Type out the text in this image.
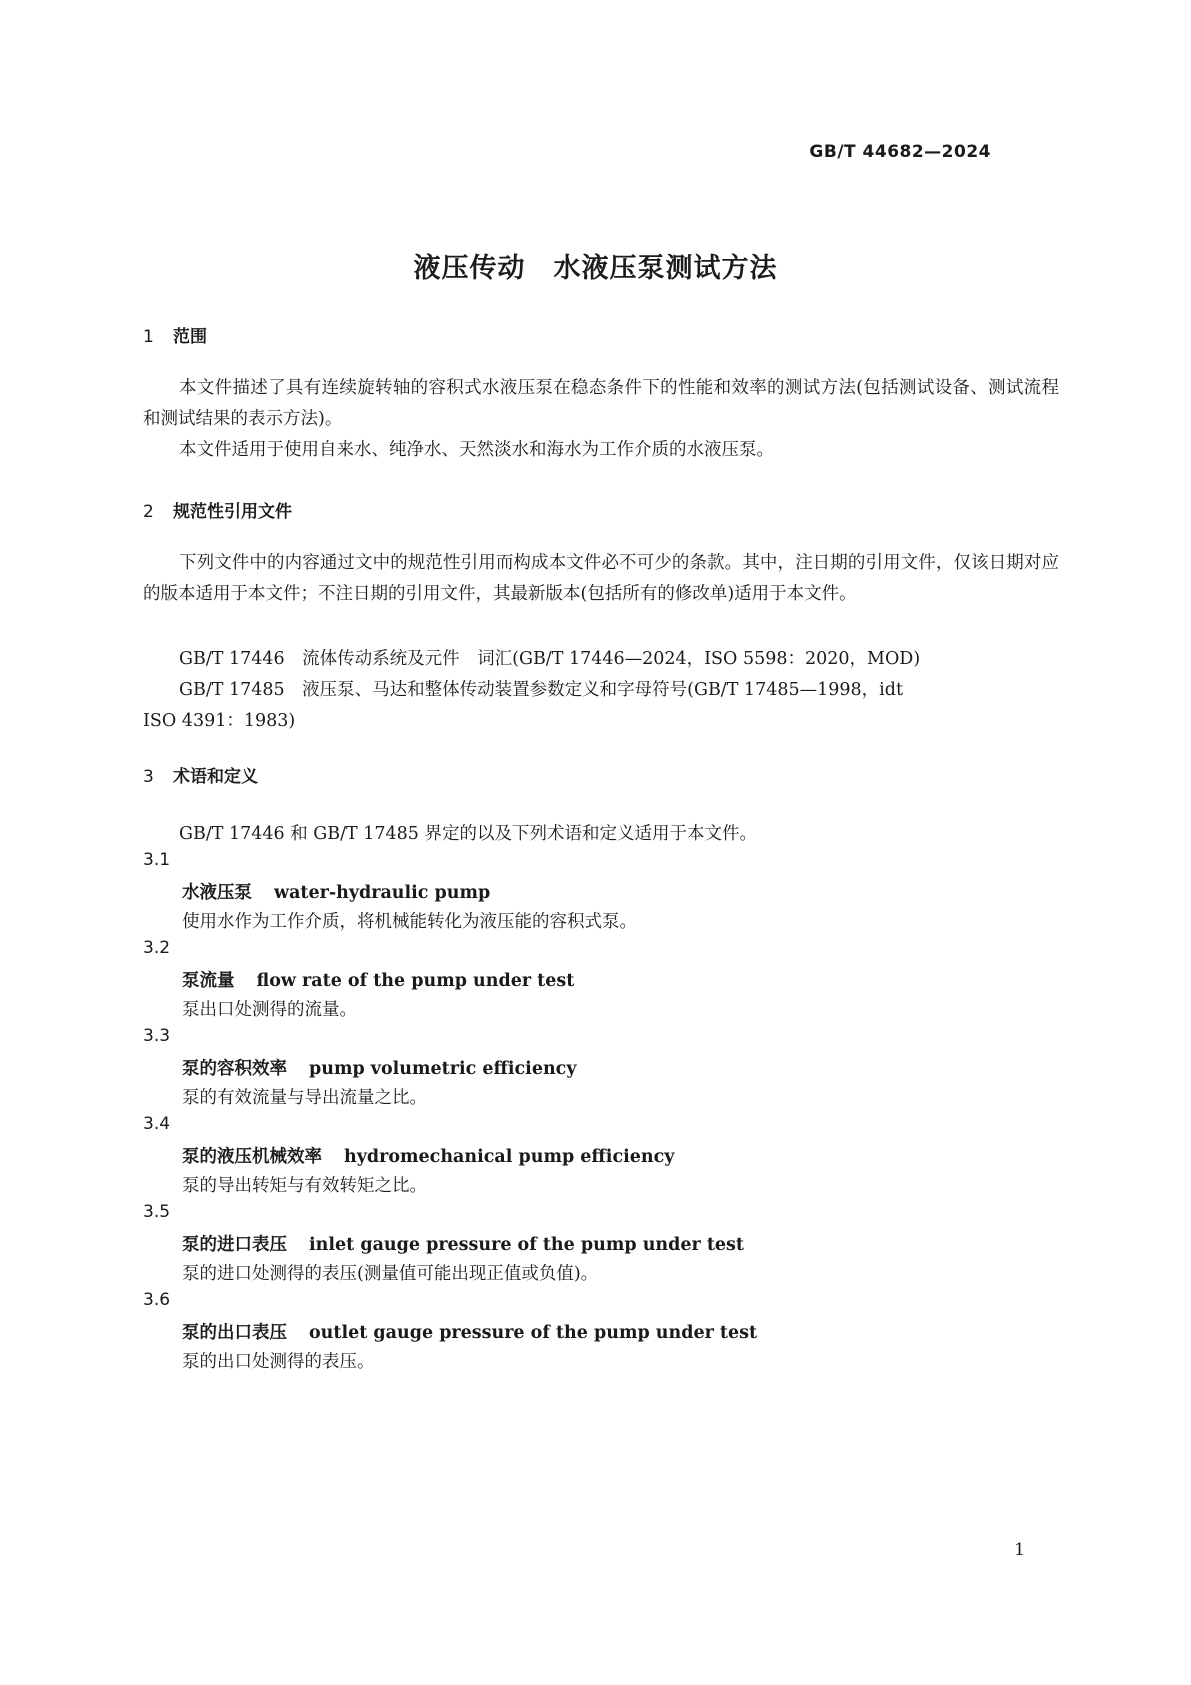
GB/T 44682—2024
液压传动　水液压泵测试方法
1 范围
本文件描述了具有连续旋转轴的容积式水液压泵在稳态条件下的性能和效率的测试方法(包括测试设备、测试流程和测试结果的表示方法)。
本文件适用于使用自来水、纯净水、天然淡水和海水为工作介质的水液压泵。
2 规范性引用文件
下列文件中的内容通过文中的规范性引用而构成本文件必不可少的条款。其中，注日期的引用文件，仅该日期对应的版本适用于本文件；不注日期的引用文件，其最新版本(包括所有的修改单)适用于本文件。
GB/T 17446　流体传动系统及元件　词汇(GB/T 17446—2024，ISO 5598：2020，MOD)
GB/T 17485　液压泵、马达和整体传动装置参数定义和字母符号(GB/T 17485—1998，idt
ISO 4391：1983)
3 术语和定义
GB/T 17446 和 GB/T 17485 界定的以及下列术语和定义适用于本文件。
3.1
水液压泵 water-hydraulic pump
使用水作为工作介质，将机械能转化为液压能的容积式泵。
3.2
泵流量 flow rate of the pump under test
泵出口处测得的流量。
3.3
泵的容积效率 pump volumetric efficiency
泵的有效流量与导出流量之比。
3.4
泵的液压机械效率 hydromechanical pump efficiency
泵的导出转矩与有效转矩之比。
3.5
泵的进口表压 inlet gauge pressure of the pump under test
泵的进口处测得的表压(测量值可能出现正值或负值)。
3.6
泵的出口表压 outlet gauge pressure of the pump under test
泵的出口处测得的表压。
1
